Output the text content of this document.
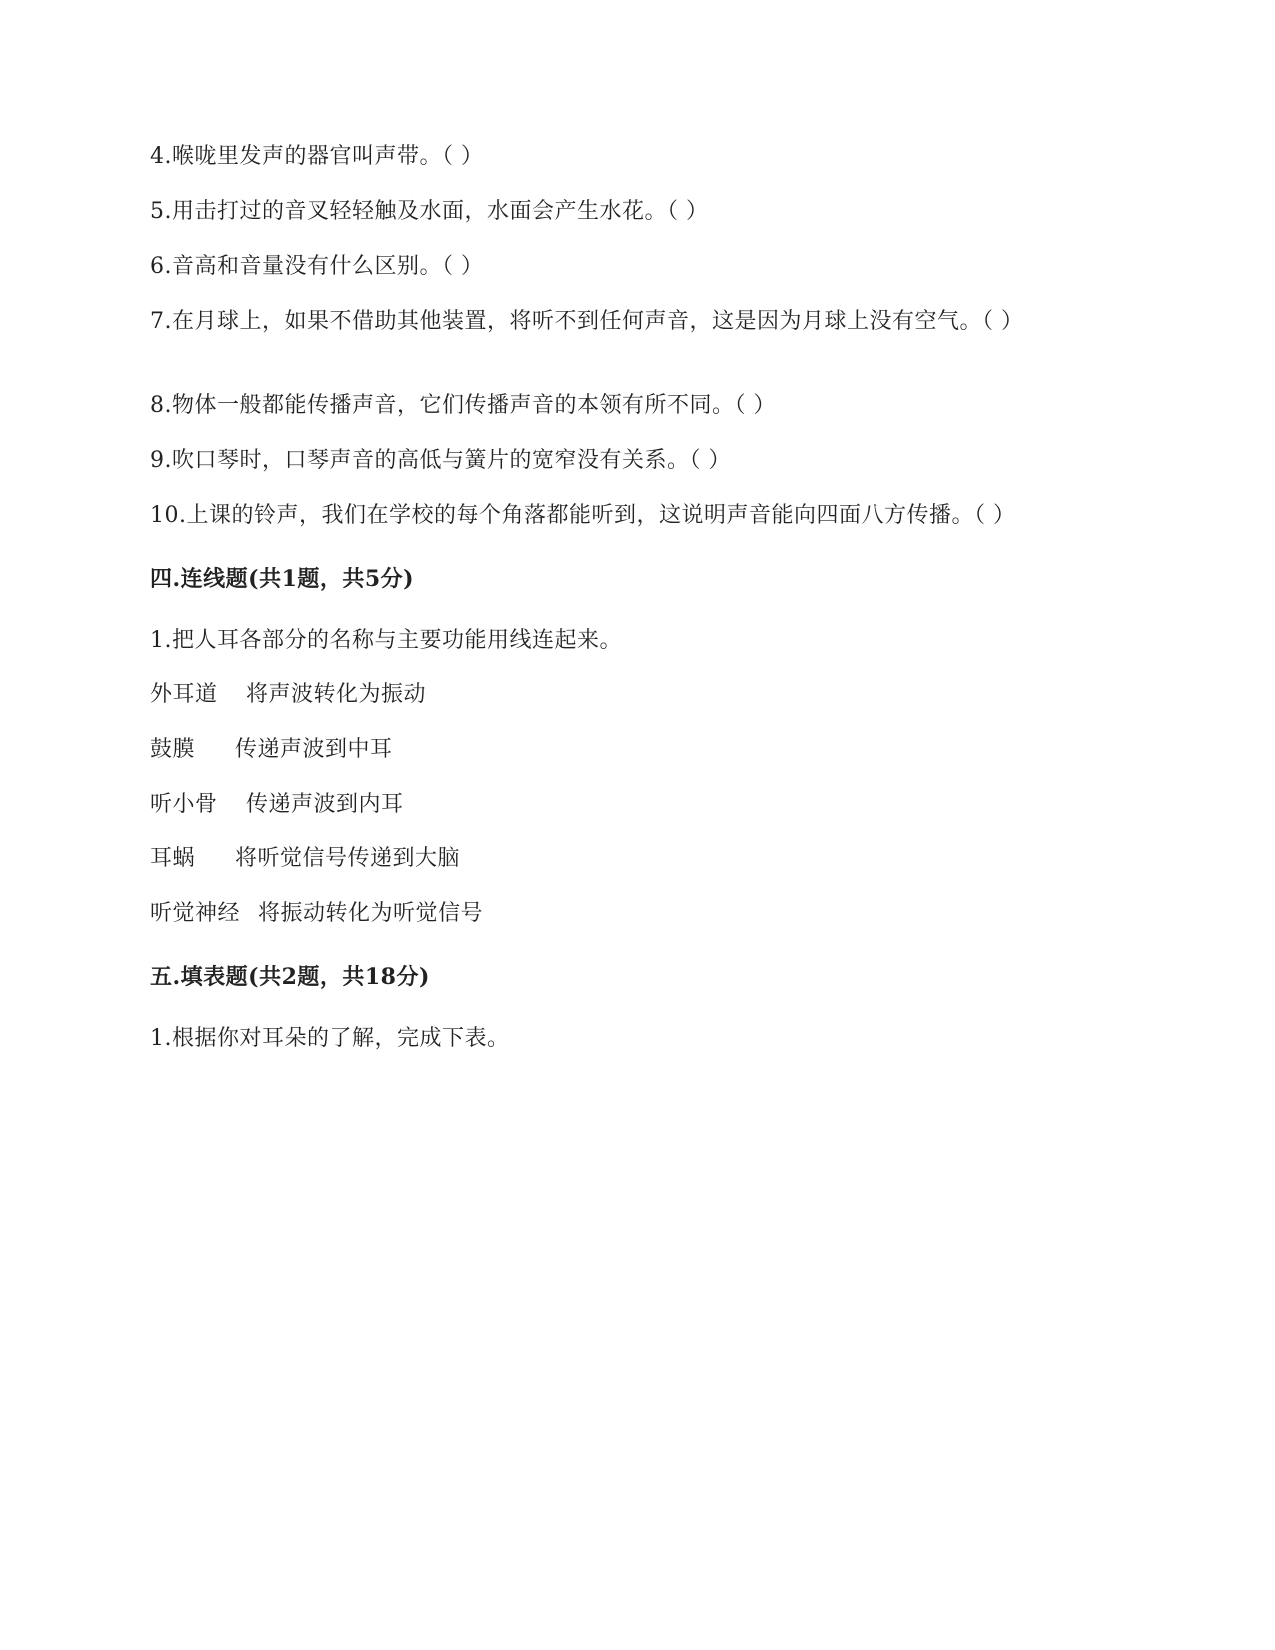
4.喉咙里发声的器官叫声带。（ ）
5.用击打过的音叉轻轻触及水面，水面会产生水花。（ ）
6.音高和音量没有什么区别。（ ）
7.在月球上，如果不借助其他装置，将听不到任何声音，这是因为月球上没有空气。（ ）
8.物体一般都能传播声音，它们传播声音的本领有所不同。（ ）
9.吹口琴时，口琴声音的高低与簧片的宽窄没有关系。（ ）
10.上课的铃声，我们在学校的每个角落都能听到，这说明声音能向四面八方传播。（ ）
四.连线题(共1题，共5分)
1.把人耳各部分的名称与主要功能用线连起来。
外耳道 将声波转化为振动
鼓膜 传递声波到中耳
听小骨 传递声波到内耳
耳蜗 将听觉信号传递到大脑
听觉神经 将振动转化为听觉信号
五.填表题(共2题，共18分)
1.根据你对耳朵的了解，完成下表。
